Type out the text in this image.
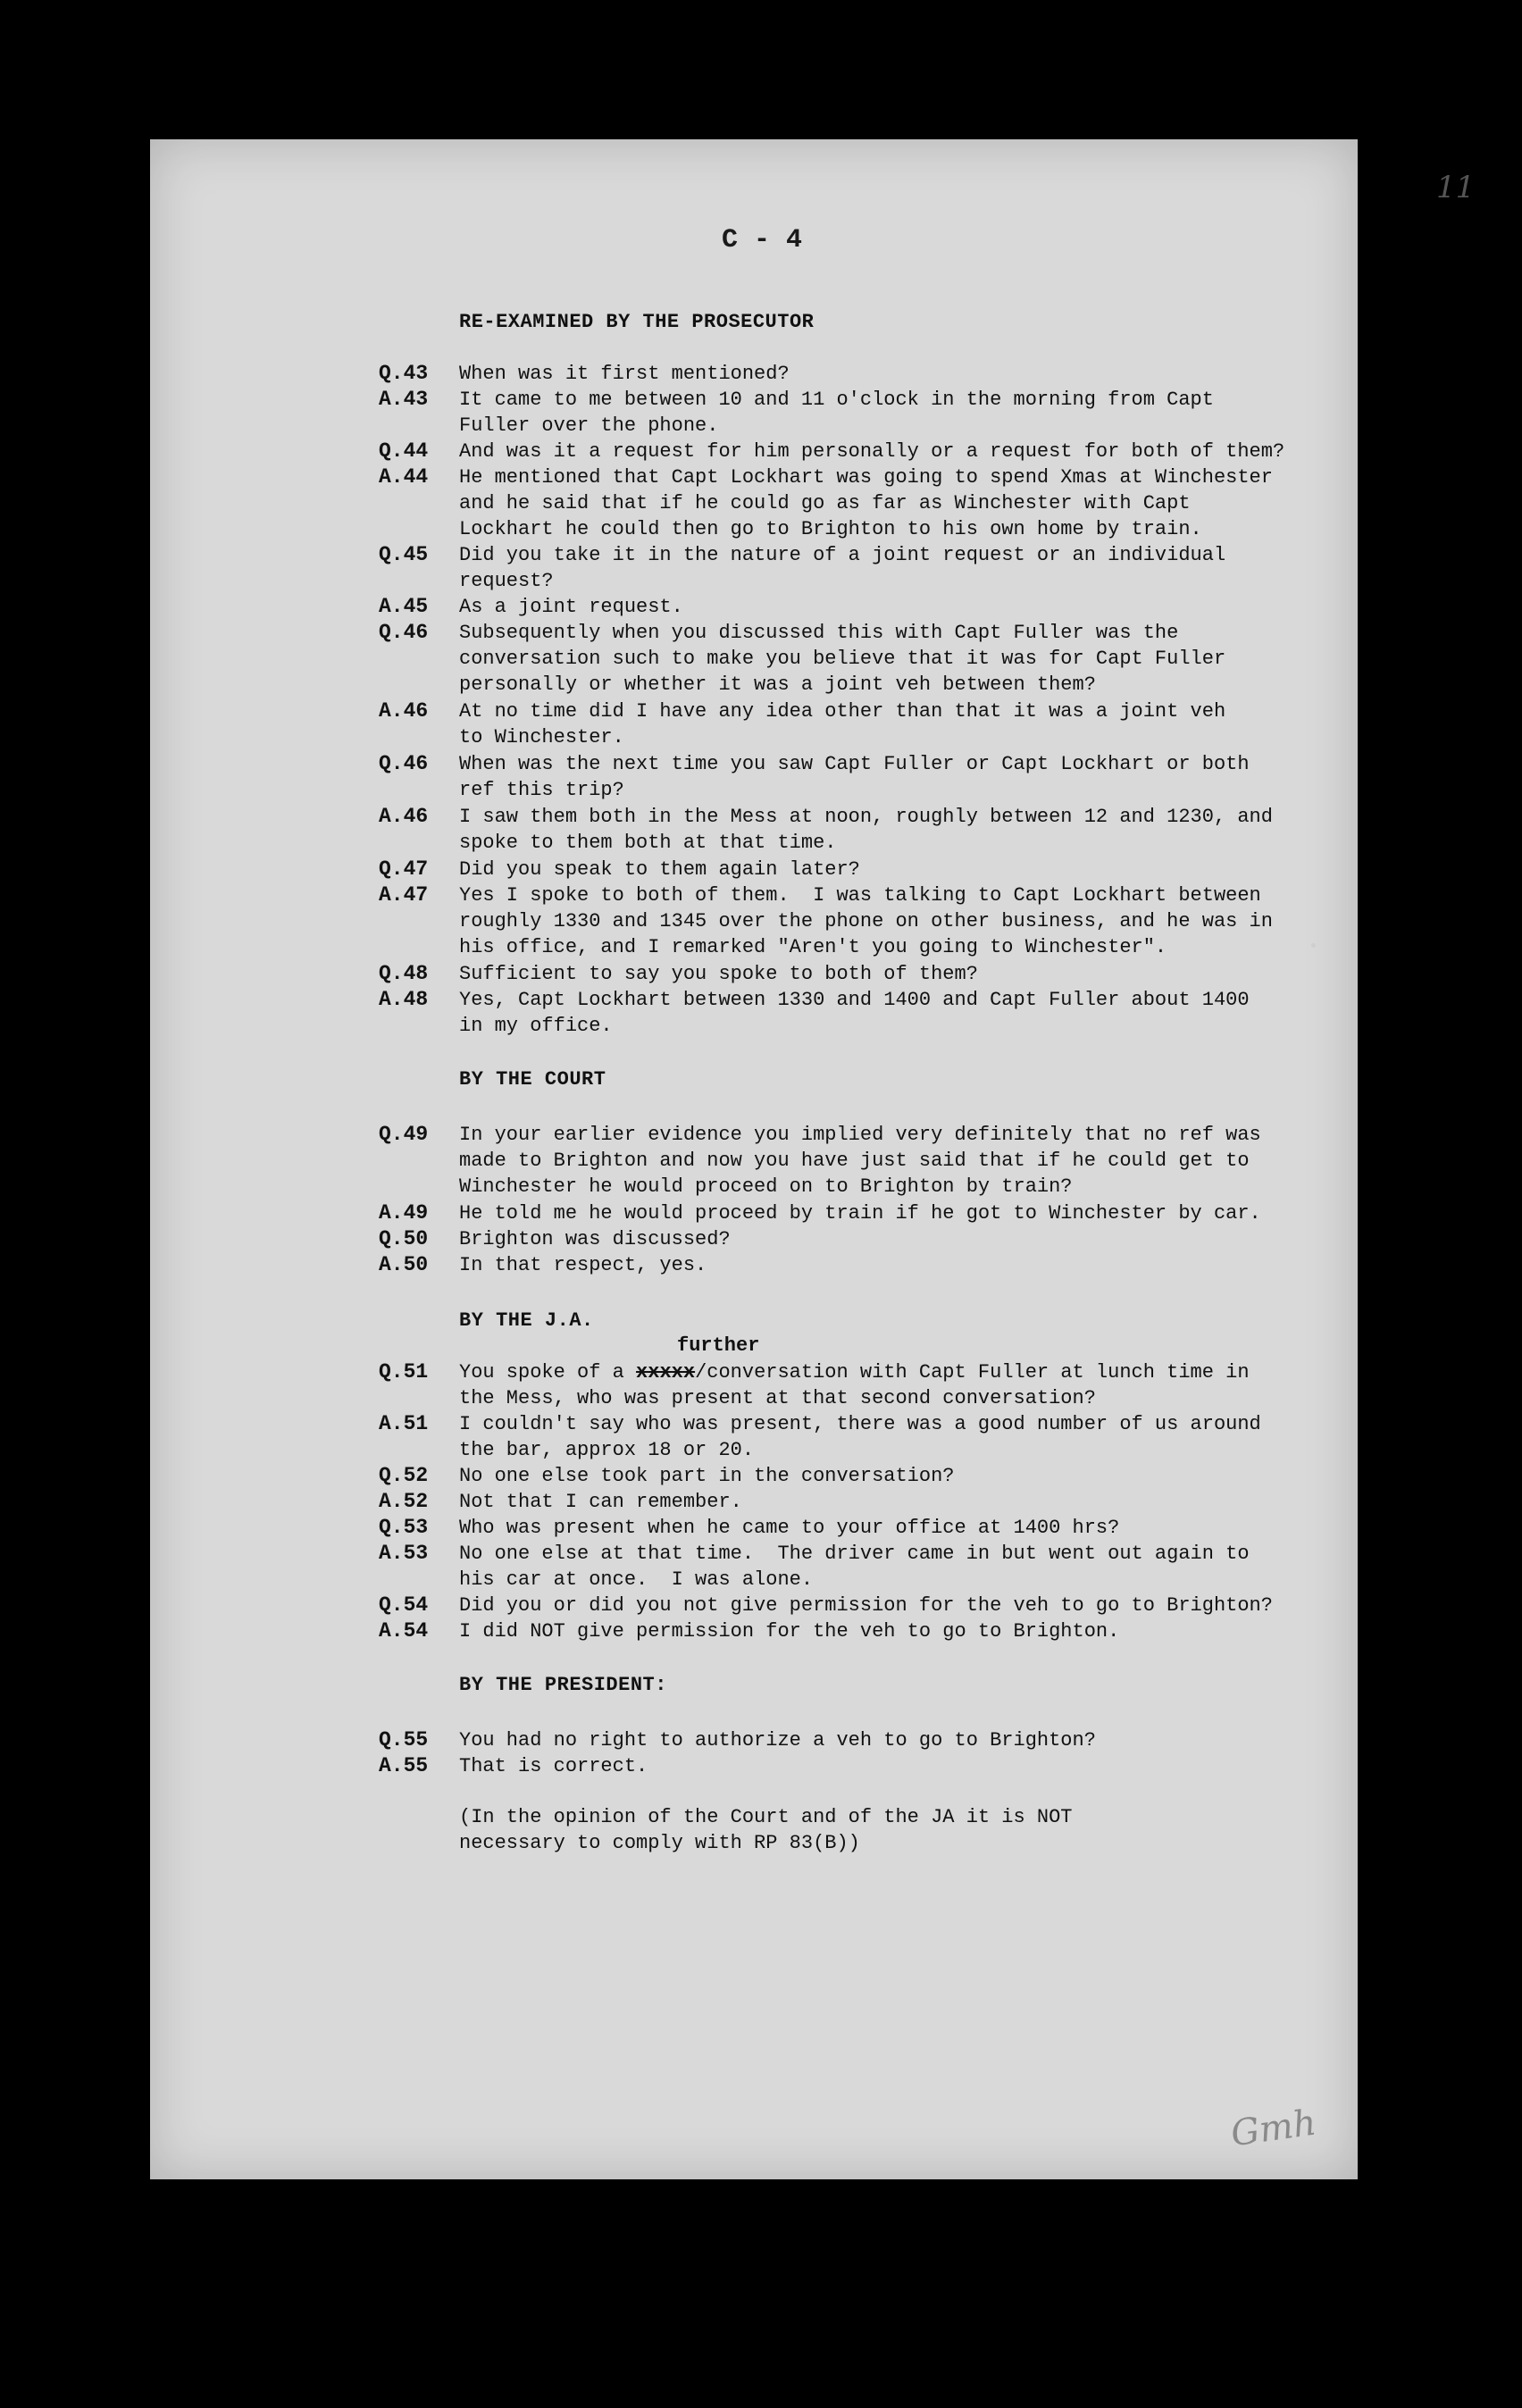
11
C - 4
RE-EXAMINED BY THE PROSECUTOR
Q.43	When was it first mentioned?
A.43	It came to me between 10 and 11 o'clock in the morning from Capt
Fuller over the phone.
Q.44	And was it a request for him personally or a request for both of them?
A.44	He mentioned that Capt Lockhart was going to spend Xmas at Winchester
and he said that if he could go as far as Winchester with Capt
Lockhart he could then go to Brighton to his own home by train.
Q.45	Did you take it in the nature of a joint request or an individual
request?
A.45	As a joint request.
Q.46	Subsequently when you discussed this with Capt Fuller was the
conversation such to make you believe that it was for Capt Fuller
personally or whether it was a joint veh between them?
A.46	At no time did I have any idea other than that it was a joint veh
to Winchester.
Q.46	When was the next time you saw Capt Fuller or Capt Lockhart or both
ref this trip?
A.46	I saw them both in the Mess at noon, roughly between 12 and 1230, and
spoke to them both at that time.
Q.47	Did you speak to them again later?
A.47	Yes I spoke to both of them.  I was talking to Capt Lockhart between
roughly 1330 and 1345 over the phone on other business, and he was in
his office, and I remarked "Aren't you going to Winchester".
Q.48	Sufficient to say you spoke to both of them?
A.48	Yes, Capt Lockhart between 1330 and 1400 and Capt Fuller about 1400
in my office.
BY THE COURT
Q.49	In your earlier evidence you implied very definitely that no ref was
made to Brighton and now you have just said that if he could get to
Winchester he would proceed on to Brighton by train?
A.49	He told me he would proceed by train if he got to Winchester by car.
Q.50	Brighton was discussed?
A.50	In that respect, yes.
BY THE J.A.
further
Q.51	You spoke of a xxxxx/conversation with Capt Fuller at lunch time in
the Mess, who was present at that second conversation?
A.51	I couldn't say who was present, there was a good number of us around
the bar, approx 18 or 20.
Q.52	No one else took part in the conversation?
A.52	Not that I can remember.
Q.53	Who was present when he came to your office at 1400 hrs?
A.53	No one else at that time.  The driver came in but went out again to
his car at once.  I was alone.
Q.54	Did you or did you not give permission for the veh to go to Brighton?
A.54	I did NOT give permission for the veh to go to Brighton.
BY THE PRESIDENT:
Q.55	You had no right to authorize a veh to go to Brighton?
A.55	That is correct.
(In the opinion of the Court and of the JA it is NOT
necessary to comply with RP 83(B))
Gmh
